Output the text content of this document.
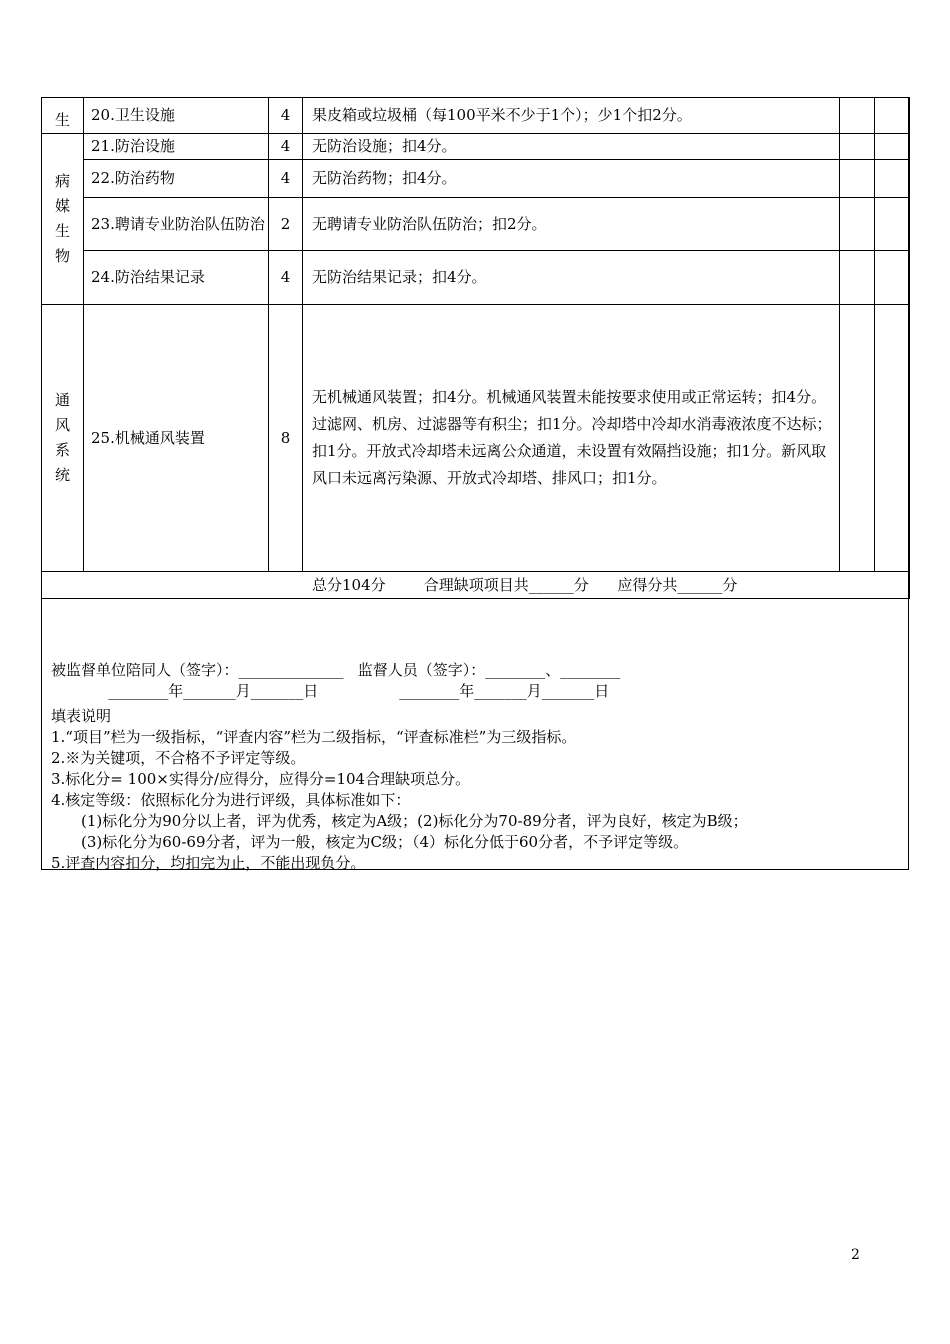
生	20.卫生设施	4	果皮箱或垃圾桶（每100平米不少于1个）；少1个扣2分。		

病
媒
生
物	21.防治设施	4	无防治设施；扣4分。		
	22.防治药物	4	无防治药物；扣4分。		
	23.聘请专业防治队伍防治	2	无聘请专业防治队伍防治；扣2分。		
	24.防治结果记录	4	无防治结果记录；扣4分。		

通
风
系
统	25.机械通风装置	8	无机械通风装置；扣4分。机械通风装置未能按要求使用或正常运转；扣4分。过滤网、机房、过滤器等有积尘；扣1分。冷却塔中冷却水消毒液浓度不达标；扣1分。开放式冷却塔未远离公众通道，未设置有效隔挡设施；扣1分。新风取风口未远离污染源、开放式冷却塔、排风口；扣1分。		
总分104分        合理缺项项目共______分      应得分共______分					
被监督单位陪同人（签字）：______________   监督人员（签字）：________、________
________年_______月_______日                 ________年_______月_______日
填表说明
1.“项目”栏为一级指标，“评查内容”栏为二级指标，“评查标准栏”为三级指标。
2.※为关键项，不合格不予评定等级。
3.标化分= 100×实得分/应得分，应得分=104合理缺项总分。
4.核定等级：依照标化分为进行评级，具体标准如下：
(1)标化分为90分以上者，评为优秀，核定为A级；(2)标化分为70-89分者，评为良好，核定为B级；
(3)标化分为60-69分者，评为一般，核定为C级；（4）标化分低于60分者，不予评定等级。
5.评查内容扣分，均扣完为止，不能出现负分。
2
